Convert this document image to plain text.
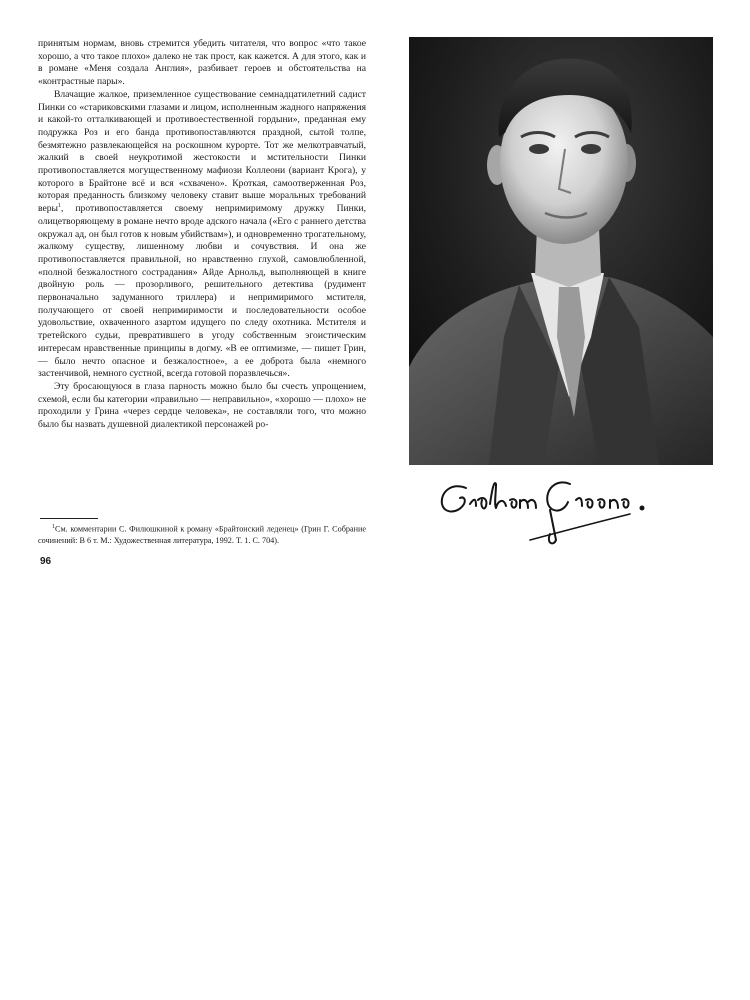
принятым нормам, вновь стремится убедить читателя, что вопрос «что такое хорошо, а что такое плохо» далеко не так прост, как кажется. А для этого, как и в романе «Меня создала Англия», разбивает героев и обстоятельства на «контрастные пары».

Влачащие жалкое, приземленное существование семнадцатилетний садист Пинки со «стариковскими глазами и лицом, исполненным жадного напряжения и какой-то отталкивающей и противоестественной гордыни», преданная ему подружка Роз и его банда противопоставляются праздной, сытой толпе, безмятежно развлекающейся на роскошном курорте. Тот же мелкотравчатый, жалкий в своей неукротимой жестокости и мстительности Пинки противопоставляется могущественному мафиози Коллеони (вариант Крога), у которого в Брайтоне всё и вся «схвачено». Кроткая, самоотверженная Роз, которая преданность близкому человеку ставит выше моральных требований веры$^1$, противопоставляется своему непримиримому дружку Пинки, олицетворяющему в романе нечто вроде адского начала («Его с раннего детства окружал ад, он был готов к новым убийствам»), и одновременно трогательному, жалкому существу, лишенному любви и сочувствия. И она же противопоставляется правильной, но нравственно глухой, самовлюбленной, «полной безжалостного сострадания» Айде Арнольд, выполняющей в книге двойную роль — прозорливого, решительного детектива (рудимент первоначально задуманного триллера) и непримиримого мстителя, получающего от своей непримиримости и последовательности особое удовольствие, охваченного азартом идущего по следу охотника. Мстителя и третейского судьи, превратившего в угоду собственным эгоистическим интересам нравственные принципы в догму. «В ее оптимизме, — пишет Грин, — было нечто опасное и безжалостное», а ее доброта была «немного застенчивой, немного сустной, всегда готовой поразвлечься».

Эту бросающуюся в глаза парность можно было бы счесть упрощением, схемой, если бы категории «правильно — неправильно», «хорошо — плохо» не проходили у Грина «через сердце человека», не составляли того, что можно было бы назвать душевной диалектикой персонажей ро-

$^1$См. комментарии С. Филюшкиной к роману «Брайтонский леденец» (Грин Г. Собрание сочинений: В 6 т. М.: Художественная литература, 1992. Т. 1. С. 704).

96
